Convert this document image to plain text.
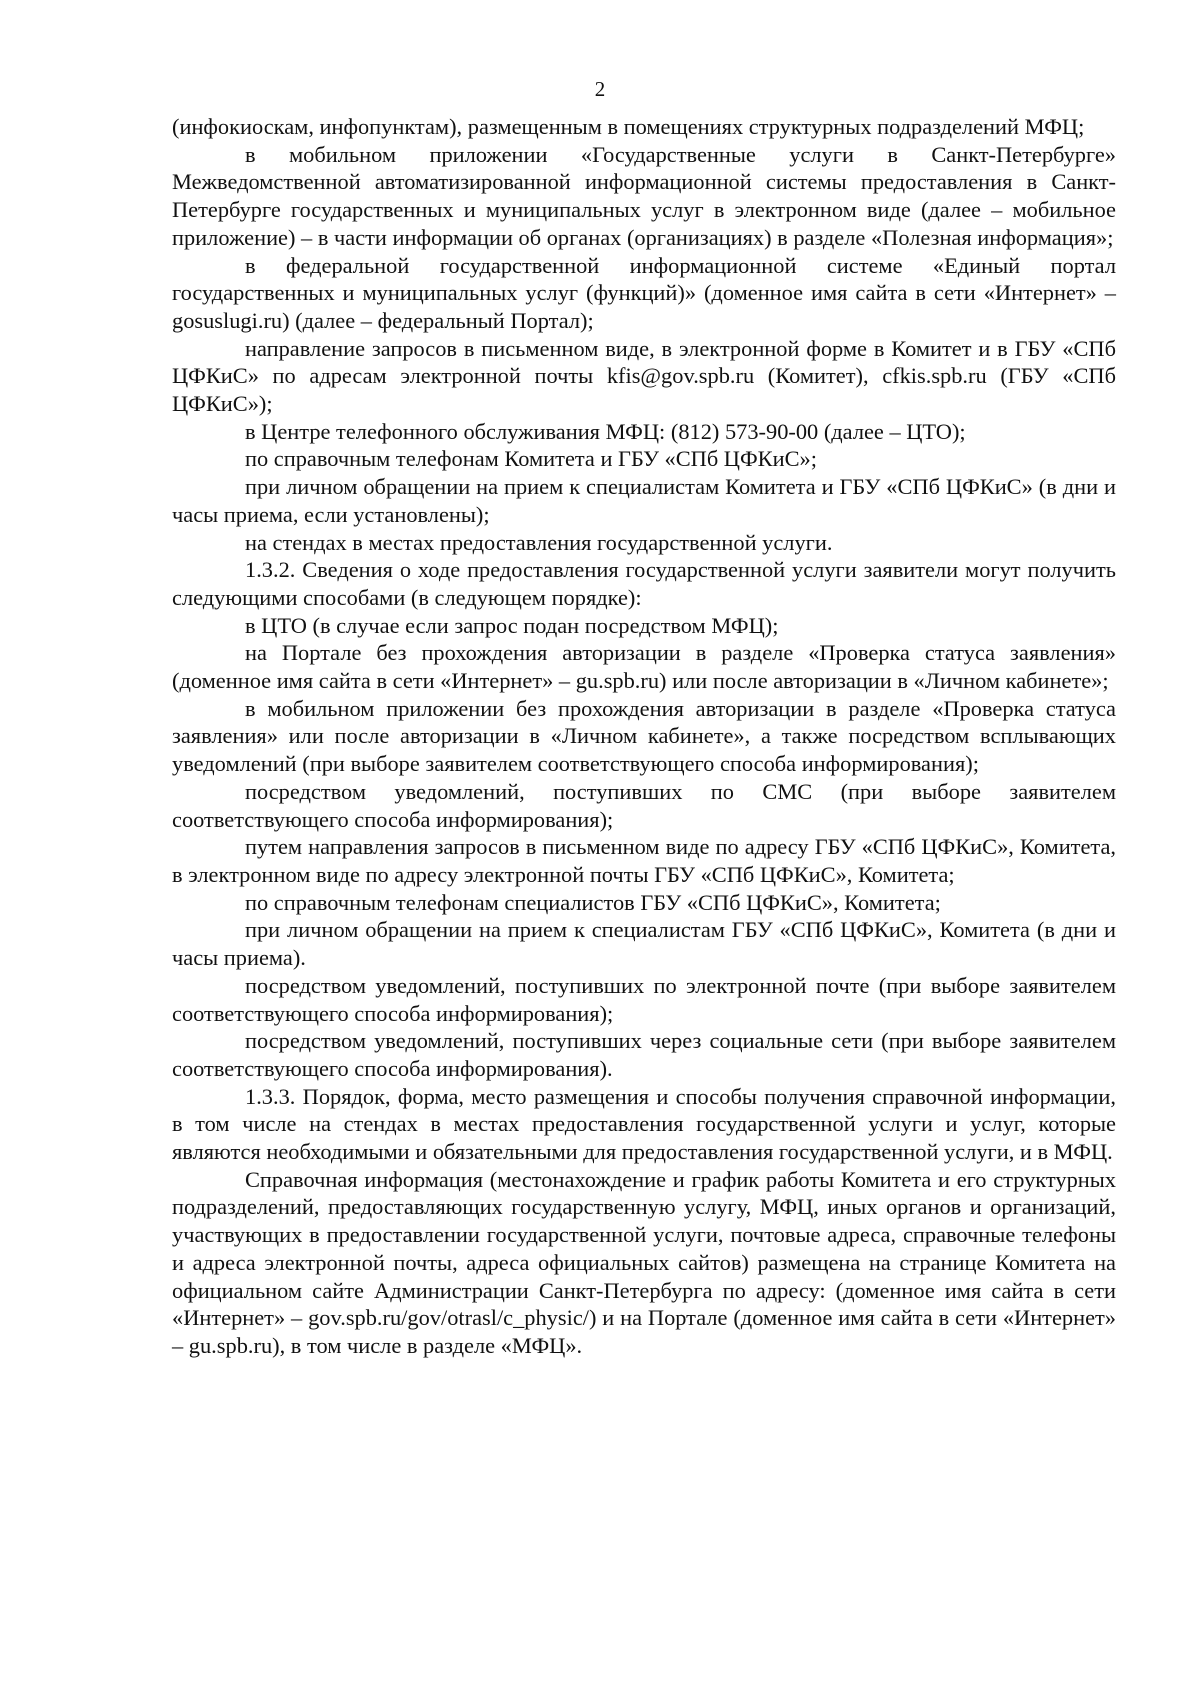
2

(инфокиоскам, инфопунктам), размещенным в помещениях структурных подразделений МФЦ;

в мобильном приложении «Государственные услуги в Санкт-Петербурге» Межведомственной автоматизированной информационной системы предоставления в Санкт-Петербурге государственных и муниципальных услуг в электронном виде (далее – мобильное приложение) – в части информации об органах (организациях) в разделе «Полезная информация»;

в федеральной государственной информационной системе «Единый портал государственных и муниципальных услуг (функций)» (доменное имя сайта в сети «Интернет» – gosuslugi.ru) (далее – федеральный Портал);

направление запросов в письменном виде, в электронной форме в Комитет и в ГБУ «СПб ЦФКиС» по адресам электронной почты kfis@gov.spb.ru (Комитет), cfkis.spb.ru (ГБУ «СПб ЦФКиС»);

в Центре телефонного обслуживания МФЦ: (812) 573-90-00 (далее – ЦТО);

по справочным телефонам Комитета и ГБУ «СПб ЦФКиС»;

при личном обращении на прием к специалистам Комитета и ГБУ «СПб ЦФКиС» (в дни и часы приема, если установлены);

на стендах в местах предоставления государственной услуги.

1.3.2. Сведения о ходе предоставления государственной услуги заявители могут получить следующими способами (в следующем порядке):

в ЦТО (в случае если запрос подан посредством МФЦ);

на Портале без прохождения авторизации в разделе «Проверка статуса заявления» (доменное имя сайта в сети «Интернет» – gu.spb.ru) или после авторизации в «Личном кабинете»;

в мобильном приложении без прохождения авторизации в разделе «Проверка статуса заявления» или после авторизации в «Личном кабинете», а также посредством всплывающих уведомлений (при выборе заявителем соответствующего способа информирования);

посредством уведомлений, поступивших по СМС (при выборе заявителем соответствующего способа информирования);

путем направления запросов в письменном виде по адресу ГБУ «СПб ЦФКиС», Комитета, в электронном виде по адресу электронной почты ГБУ «СПб ЦФКиС», Комитета;

по справочным телефонам специалистов ГБУ «СПб ЦФКиС», Комитета;

при личном обращении на прием к специалистам ГБУ «СПб ЦФКиС», Комитета (в дни и часы приема).

посредством уведомлений, поступивших по электронной почте (при выборе заявителем соответствующего способа информирования);

посредством уведомлений, поступивших через социальные сети (при выборе заявителем соответствующего способа информирования).

1.3.3. Порядок, форма, место размещения и способы получения справочной информации, в том числе на стендах в местах предоставления государственной услуги и услуг, которые являются необходимыми и обязательными для предоставления государственной услуги, и в МФЦ.

Справочная информация (местонахождение и график работы Комитета и его структурных подразделений, предоставляющих государственную услугу, МФЦ, иных органов и организаций, участвующих в предоставлении государственной услуги, почтовые адреса, справочные телефоны и адреса электронной почты, адреса официальных сайтов) размещена на странице Комитета на официальном сайте Администрации Санкт-Петербурга по адресу: (доменное имя сайта в сети «Интернет» – gov.spb.ru/gov/otrasl/c_physic/) и на Портале (доменное имя сайта в сети «Интернет» – gu.spb.ru), в том числе в разделе «МФЦ».
